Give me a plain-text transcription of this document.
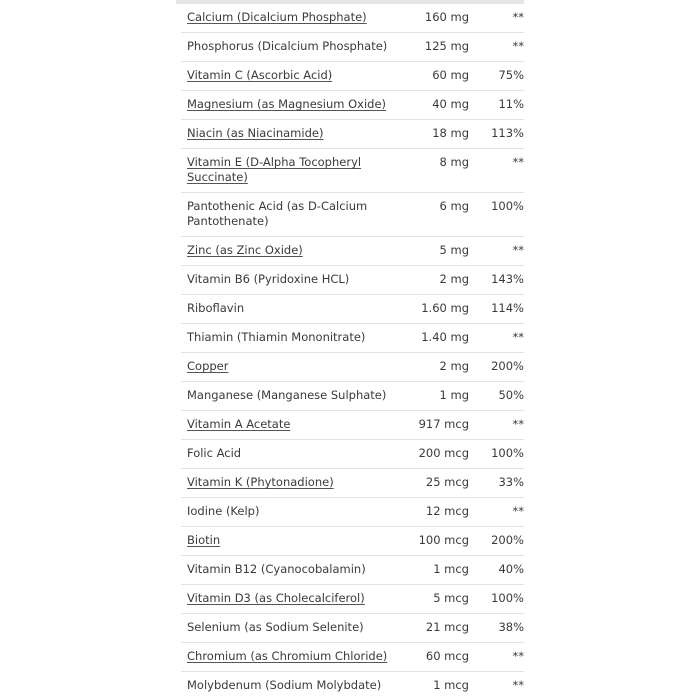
Calcium (Dicalcium Phosphate)	160 mg	**
Phosphorus (Dicalcium Phosphate)	125 mg	**
Vitamin C (Ascorbic Acid)	60 mg	75%
Magnesium (as Magnesium Oxide)	40 mg	11%
Niacin (as Niacinamide)	18 mg	113%
Vitamin E (D-Alpha Tocopheryl Succinate)	8 mg	**
Pantothenic Acid (as D-Calcium Pantothenate)	6 mg	100%
Zinc (as Zinc Oxide)	5 mg	**
Vitamin B6 (Pyridoxine HCL)	2 mg	143%
Riboflavin	1.60 mg	114%
Thiamin (Thiamin Mononitrate)	1.40 mg	**
Copper	2 mg	200%
Manganese (Manganese Sulphate)	1 mg	50%
Vitamin A Acetate	917 mcg	**
Folic Acid	200 mcg	100%
Vitamin K (Phytonadione)	25 mcg	33%
Iodine (Kelp)	12 mcg	**
Biotin	100 mcg	200%
Vitamin B12 (Cyanocobalamin)	1 mcg	40%
Vitamin D3 (as Cholecalciferol)	5 mcg	100%
Selenium (as Sodium Selenite)	21 mcg	38%
Chromium (as Chromium Chloride)	60 mcg	**
Molybdenum (Sodium Molybdate)	1 mcg	**
